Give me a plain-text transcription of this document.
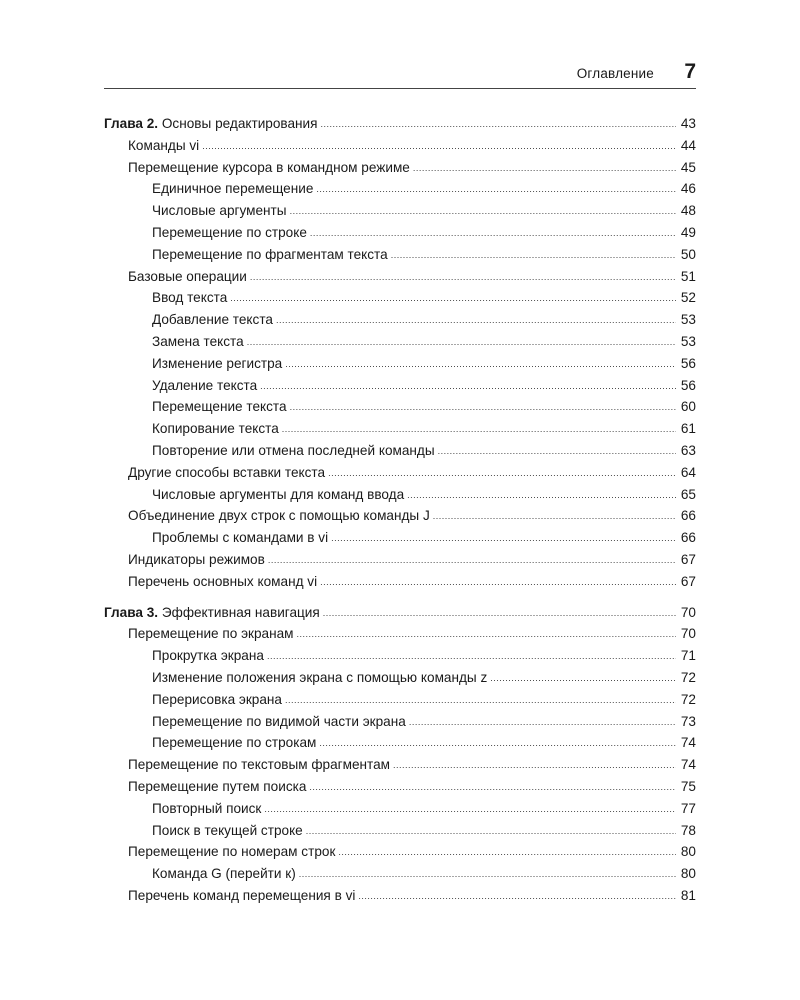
Оглавление 7
Глава 2. Основы редактирования .....	43
Команды vi .....	44
Перемещение курсора в командном режиме .....	45
Единичное перемещение .....	46
Числовые аргументы .....	48
Перемещение по строке .....	49
Перемещение по фрагментам текста .....	50
Базовые операции .....	51
Ввод текста .....	52
Добавление текста .....	53
Замена текста .....	53
Изменение регистра .....	56
Удаление текста .....	56
Перемещение текста .....	60
Копирование текста .....	61
Повторение или отмена последней команды .....	63
Другие способы вставки текста .....	64
Числовые аргументы для команд ввода .....	65
Объединение двух строк с помощью команды J .....	66
Проблемы с командами в vi .....	66
Индикаторы режимов .....	67
Перечень основных команд vi .....	67
Глава 3. Эффективная навигация .....	70
Перемещение по экранам .....	70
Прокрутка экрана .....	71
Изменение положения экрана с помощью команды z .....	72
Перерисовка экрана .....	72
Перемещение по видимой части экрана .....	73
Перемещение по строкам .....	74
Перемещение по текстовым фрагментам .....	74
Перемещение путем поиска .....	75
Повторный поиск .....	77
Поиск в текущей строке .....	78
Перемещение по номерам строк .....	80
Команда G (перейти к) .....	80
Перечень команд перемещения в vi .....	81
